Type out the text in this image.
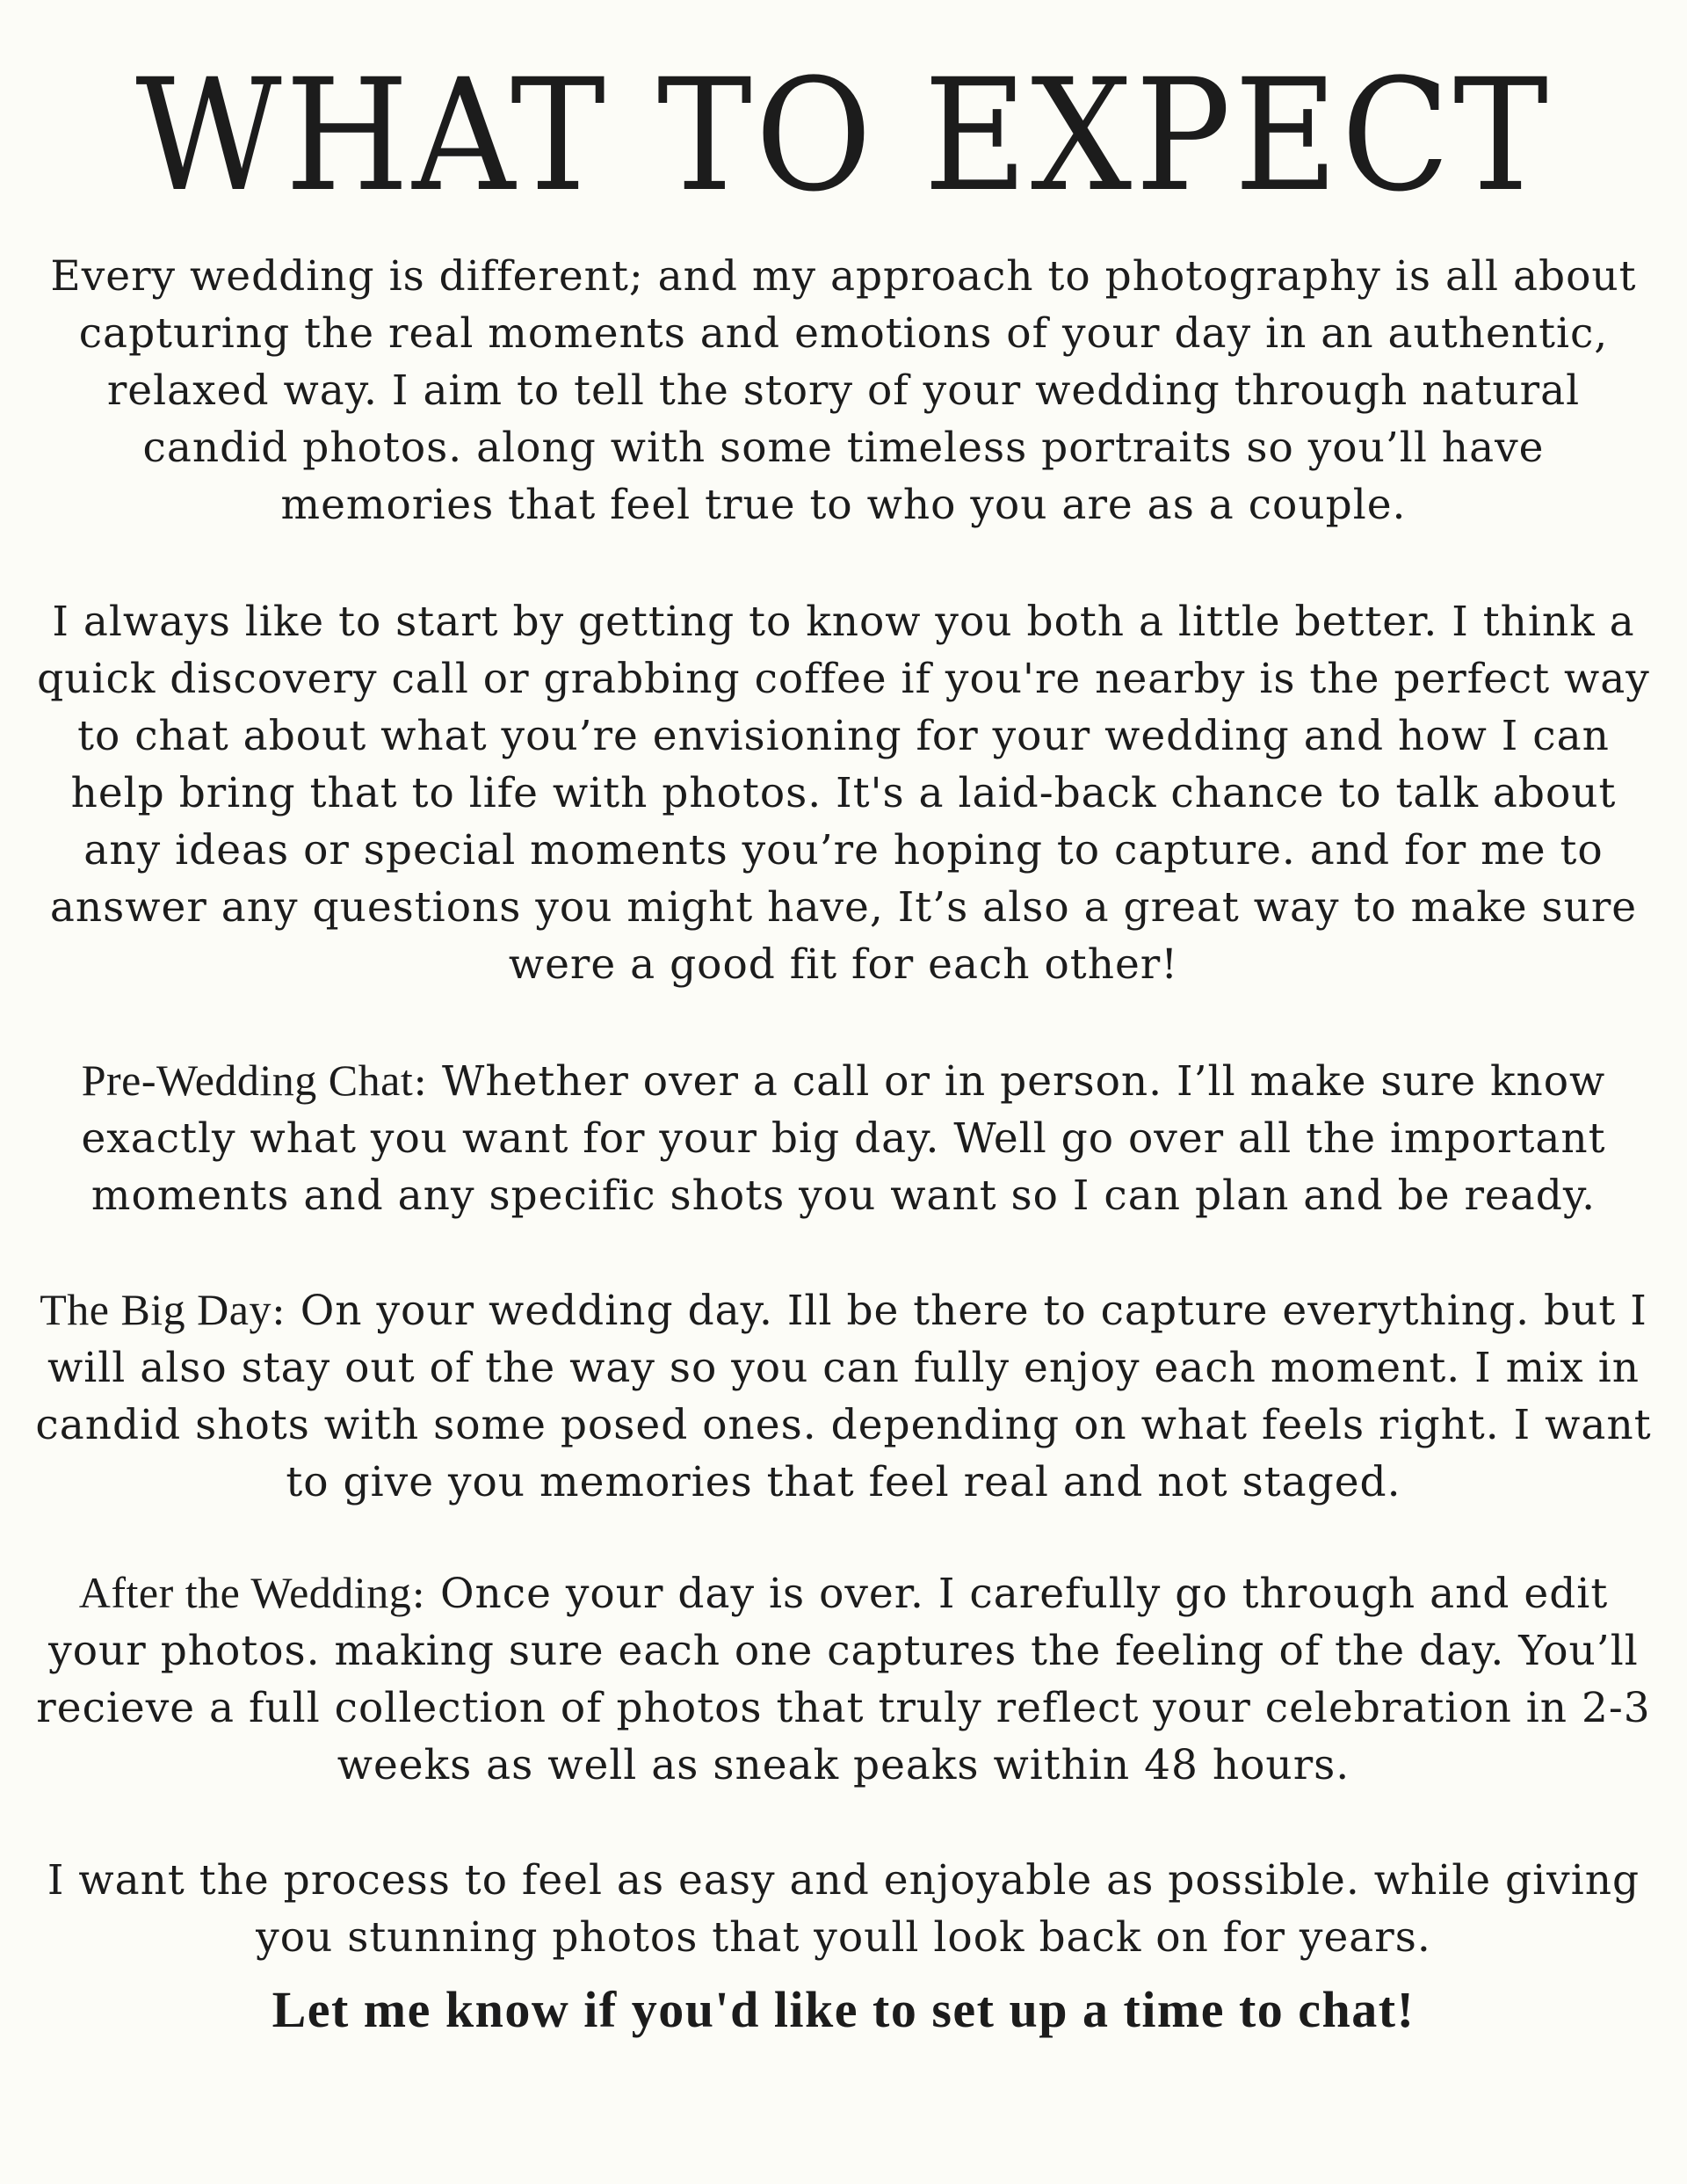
WHAT TO EXPECT

Every wedding is different; and my approach to photography is all about capturing the real moments and emotions of your day in an authentic, relaxed way. I aim to tell the story of your wedding through natural candid photos. along with some timeless portraits so you’ll have memories that feel true to who you are as a couple.

I always like to start by getting to know you both a little better. I think a quick discovery call or grabbing coffee if you're nearby is the perfect way to chat about what you’re envisioning for your wedding and how I can help bring that to life with photos. It's a laid-back chance to talk about any ideas or special moments you’re hoping to capture. and for me to answer any questions you might have, It’s also a great way to make sure were a good fit for each other!

Pre-Wedding Chat: Whether over a call or in person. I’ll make sure know exactly what you want for your big day. Well go over all the important moments and any specific shots you want so I can plan and be ready.

The Big Day: On your wedding day. Ill be there to capture everything. but I will also stay out of the way so you can fully enjoy each moment. I mix in candid shots with some posed ones. depending on what feels right. I want to give you memories that feel real and not staged.

After the Wedding: Once your day is over. I carefully go through and edit your photos. making sure each one captures the feeling of the day. You’ll recieve a full collection of photos that truly reflect your celebration in 2-3 weeks as well as sneak peaks within 48 hours.

I want the process to feel as easy and enjoyable as possible. while giving you stunning photos that youll look back on for years.

Let me know if you'd like to set up a time to chat!
